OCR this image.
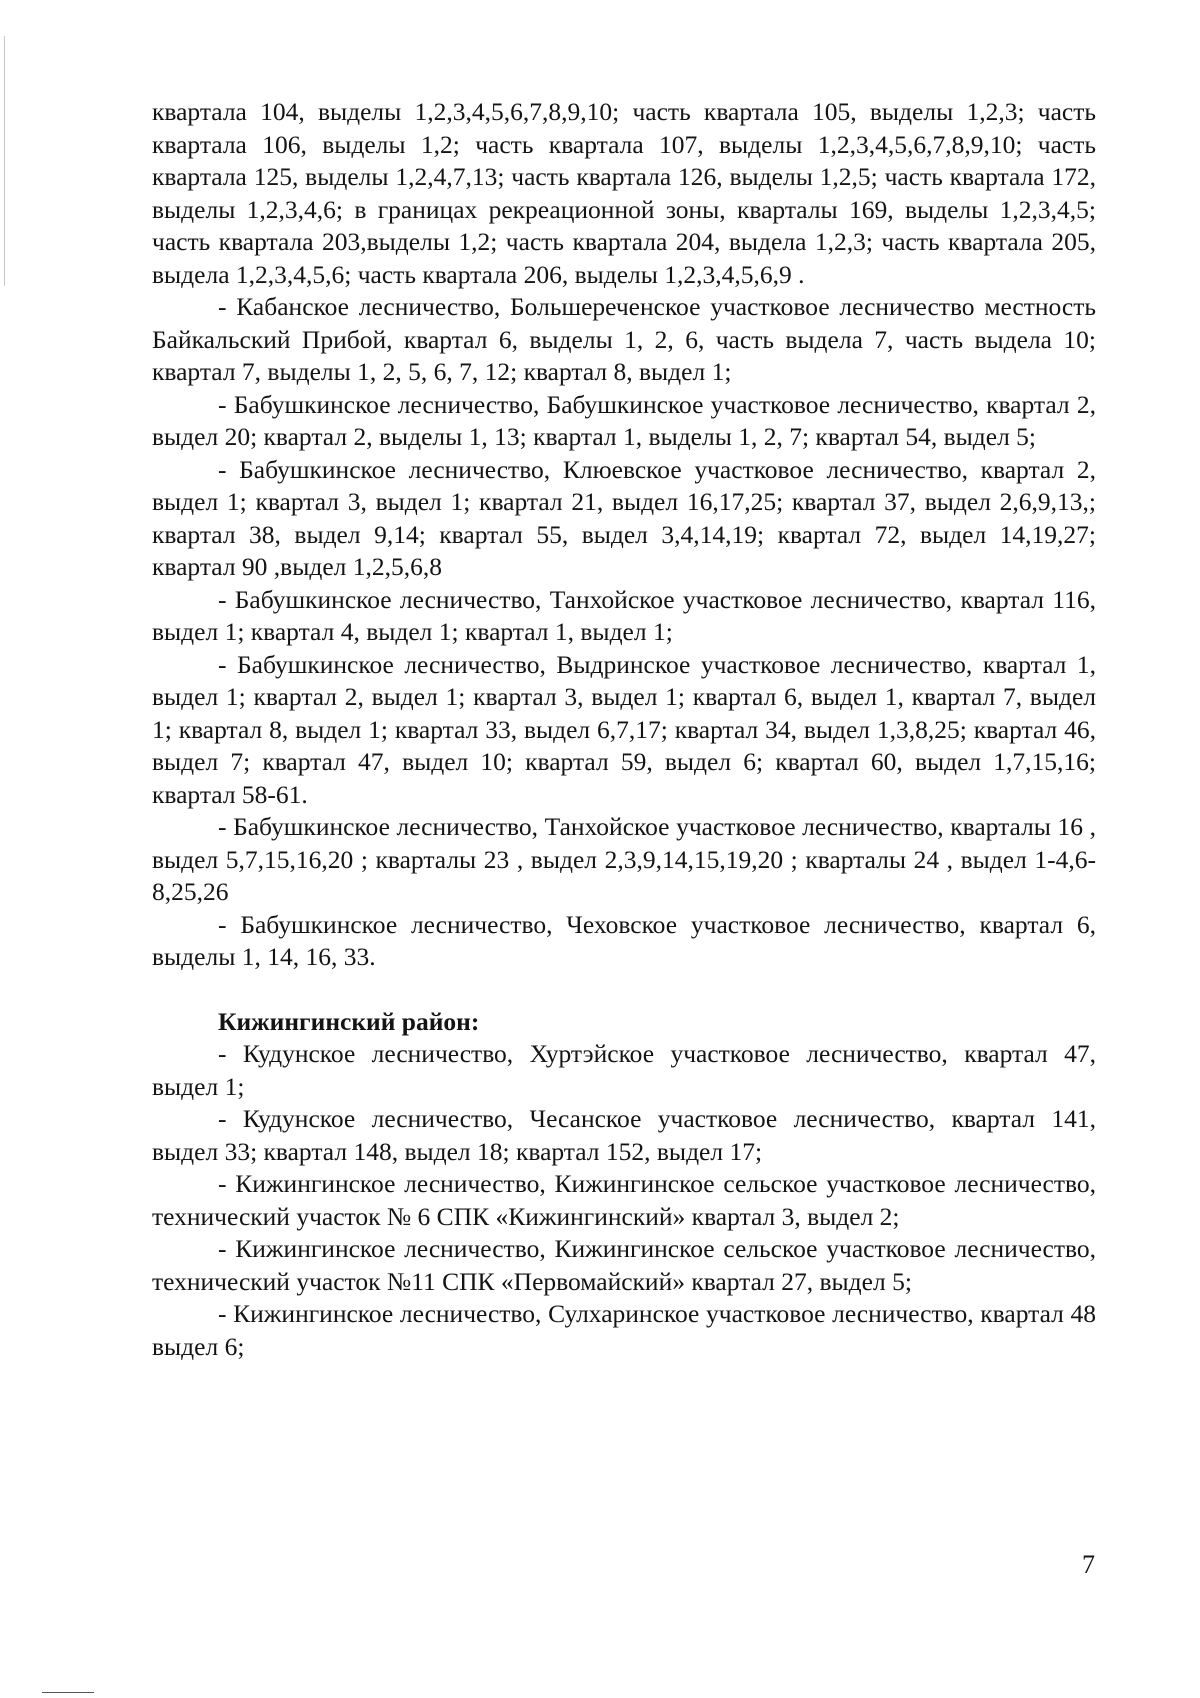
квартала 104, выделы 1,2,3,4,5,6,7,8,9,10; часть квартала 105, выделы 1,2,3; часть квартала 106, выделы 1,2; часть квартала 107, выделы 1,2,3,4,5,6,7,8,9,10; часть квартала 125, выделы 1,2,4,7,13; часть квартала 126, выделы 1,2,5; часть квартала 172, выделы 1,2,3,4,6; в границах рекреационной зоны, кварталы 169, выделы 1,2,3,4,5; часть квартала 203,выделы 1,2; часть квартала 204, выдела 1,2,3; часть квартала 205, выдела 1,2,3,4,5,6; часть квартала 206, выделы 1,2,3,4,5,6,9 .

- Кабанское лесничество, Большереченское участковое лесничество местность Байкальский Прибой, квартал 6, выделы 1, 2, 6, часть выдела 7, часть выдела 10; квартал 7, выделы 1, 2, 5, 6, 7, 12; квартал 8, выдел 1;

- Бабушкинское лесничество, Бабушкинское участковое лесничество, квартал 2, выдел 20; квартал 2, выделы 1, 13; квартал 1, выделы 1, 2, 7; квартал 54, выдел 5;

- Бабушкинское лесничество, Клюевское участковое лесничество, квартал 2, выдел 1; квартал 3, выдел 1; квартал 21, выдел 16,17,25; квартал 37, выдел 2,6,9,13,; квартал 38, выдел 9,14; квартал 55, выдел 3,4,14,19; квартал 72, выдел 14,19,27; квартал 90 ,выдел 1,2,5,6,8

- Бабушкинское лесничество, Танхойское участковое лесничество, квартал 116, выдел 1; квартал 4, выдел 1; квартал 1, выдел 1;

- Бабушкинское лесничество, Выдринское участковое лесничество, квартал 1, выдел 1; квартал 2, выдел 1; квартал 3, выдел 1; квартал 6, выдел 1, квартал 7, выдел 1; квартал 8, выдел 1; квартал 33, выдел 6,7,17; квартал 34, выдел 1,3,8,25; квартал 46, выдел 7; квартал 47, выдел 10; квартал 59, выдел 6; квартал 60, выдел 1,7,15,16; квартал 58-61.

- Бабушкинское лесничество, Танхойское участковое лесничество, кварталы 16 , выдел 5,7,15,16,20 ; кварталы 23 , выдел 2,3,9,14,15,19,20 ; кварталы 24 , выдел 1-4,6-8,25,26

- Бабушкинское лесничество, Чеховское участковое лесничество, квартал 6, выделы 1, 14, 16, 33.

Кижингинский район:

- Кудунское лесничество, Хуртэйское участковое лесничество, квартал 47, выдел 1;

- Кудунское лесничество, Чесанское участковое лесничество, квартал 141, выдел 33; квартал 148, выдел 18; квартал 152, выдел 17;

- Кижингинское лесничество, Кижингинское сельское участковое лесничество, технический участок № 6 СПК «Кижингинский» квартал 3, выдел 2;

- Кижингинское лесничество, Кижингинское сельское участковое лесничество, технический участок №11 СПК «Первомайский» квартал 27, выдел 5;

- Кижингинское лесничество, Сулхаринское участковое лесничество, квартал 48 выдел 6;

7
